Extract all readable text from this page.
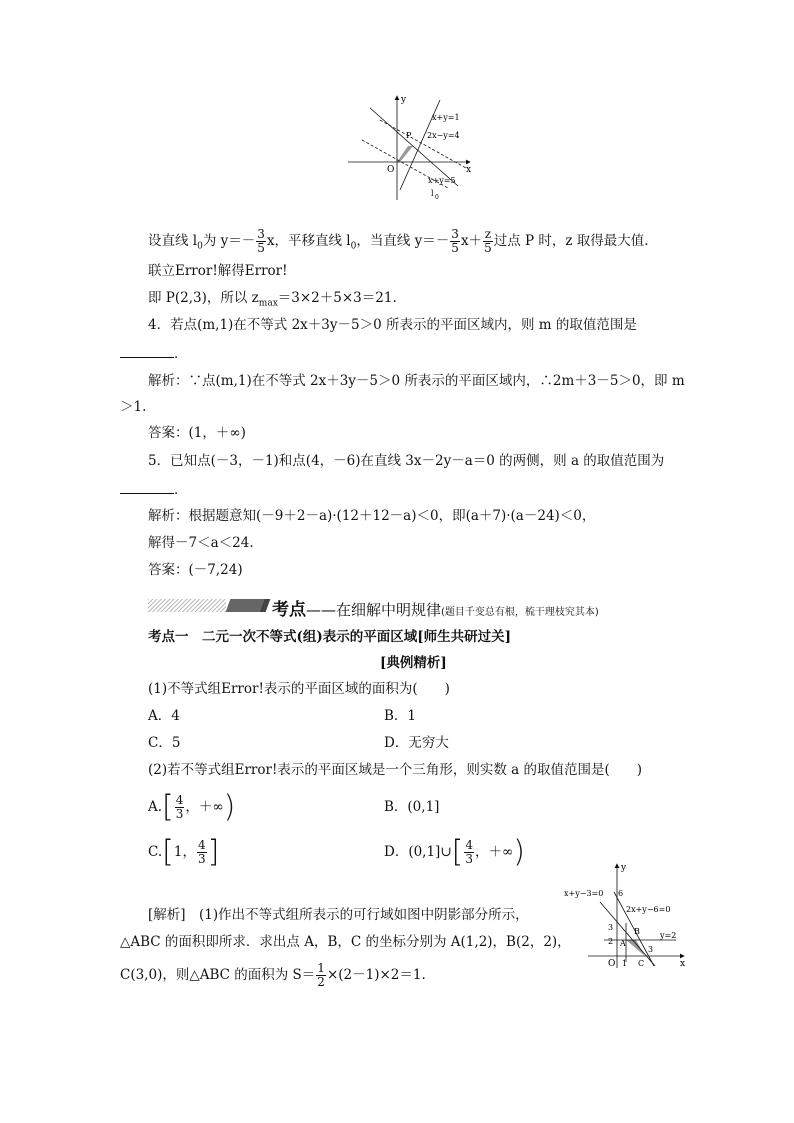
y
x
O
P
x+y=1
2x−y=4
x+y=5
l 0
设直线 $l_0$为 $y=- \frac{3}{5}$ x，平移直线 $l_0$，当直线 $y=- \frac{3}{5} x+ \frac{z}{5}$ 过点 P 时，z 取得最大值.
联立Error!解得Error!
即 P(2,3)，所以 $z_{max}=3\times 2+5\times 3=21$.
4．若点(m,1)在不等式 2x＋3y－5＞0 所表示的平面区域内，则 m 的取值范围是
．
解析：∵点(m,1)在不等式 2x＋3y－5＞0 所表示的平面区域内，∴2m＋3－5＞0，即 m
＞1.
答案：(1，＋∞)
5．已知点(－3，－1)和点(4，－6)在直线 3x－2y－a＝0 的两侧，则 a 的取值范围为
．
解析：根据题意知(－9＋2－a)·(12＋12－a)＜0，即(a＋7)·(a－24)＜0，
解得－7＜a＜24.
答案：(－7,24)
考点——在细解中明规律(题目千变总有根，梳干理枝究其本)
考点一　二元一次不等式(组)表示的平面区域[师生共研过关]
[典例精析]
(1)不等式组Error!表示的平面区域的面积为(　　)
A．4	B．1
C．5	D．无穷大
(2)若不等式组Error!表示的平面区域是一个三角形，则实数 a 的取值范围是(　　)
$A.[ \frac{4}{3}$ ，＋∞)	B．(0,1]
C.[1， $\frac{4}{3}$ ]	D．(0,1]∪[ $\frac{4}{3}$ ，＋∞)
[解析]　(1)作出不等式组所表示的可行域如图中阴影部分所示，
△ABC 的面积即所求．求出点 A，B，C 的坐标分别为 A(1,2)，B(2，2)，
C(3,0)，则△ABC 的面积为 $S= \frac{1}{2} \times(2-1)\times 2=1$.
y
x
O
x+y−3=0
2x+y−6=0
y=2
6
3
2
1
3
A
B
C
